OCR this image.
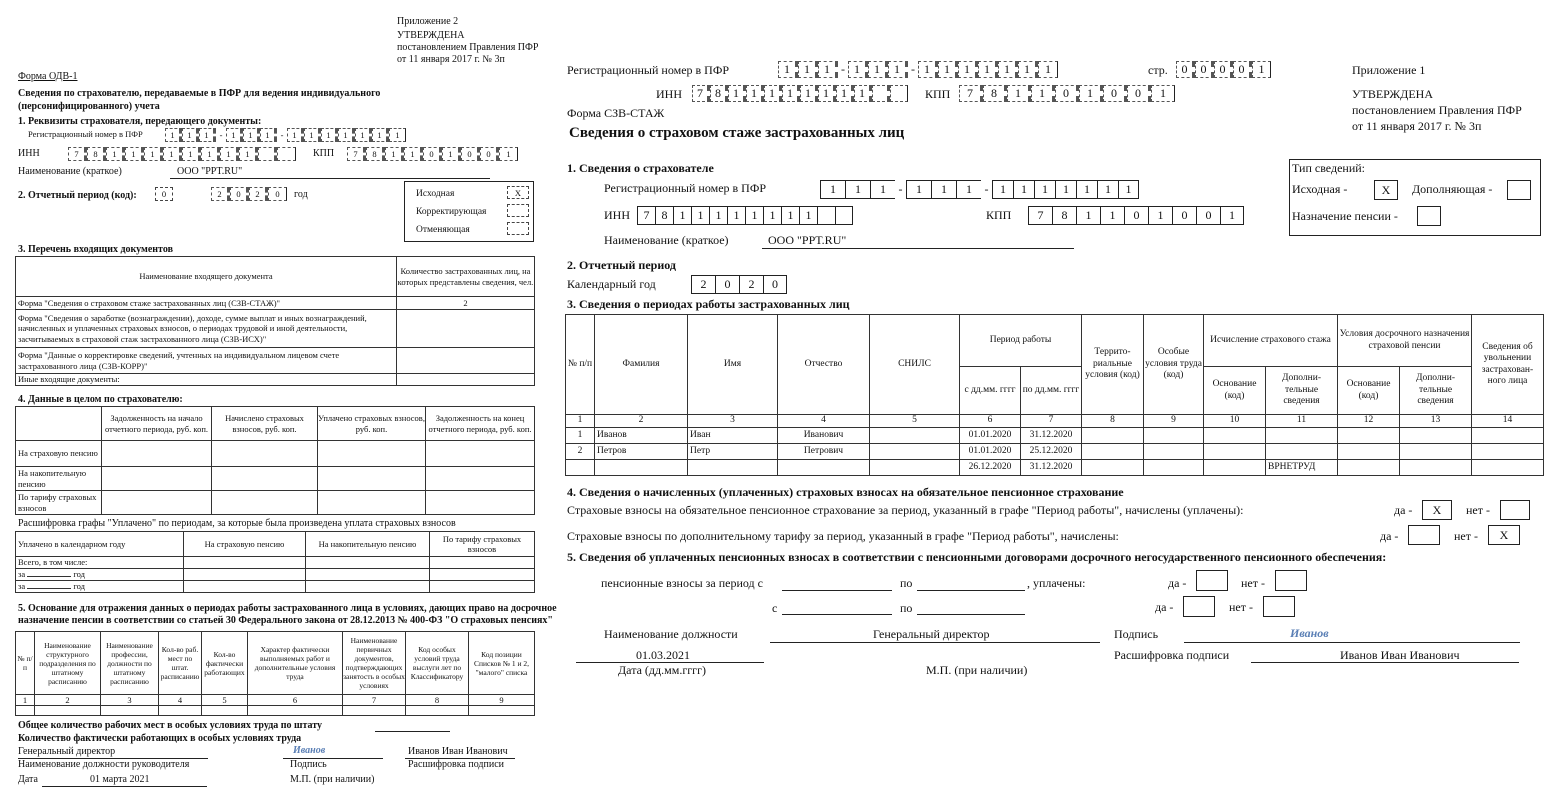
Приложение 2
УТВЕРЖДЕНА
постановлением Правления ПФР
от 11 января 2017 г. № 3п
Форма ОДВ-1
Сведения по страхователю, передаваемые в ПФР для ведения индивидуального
(персонифицированного) учета
1. Реквизиты страхователя, передающего документы:
Регистрационный номер в ПФР	1	1	1	-	1	1	1	-	1	1	1	1	1	1	1
ИНН	7	8	1	1	1	1	1	1	1	1	КПП	7	8	1	1	0	1	0	0	1
Наименование (краткое)	ООО "PPT.RU"
2. Отчетный период (код):	0	2	0	2	0	год	Исходная	X
Корректирующая
Отменяющая
3. Перечень входящих документов
Наименование входящего документа	Количество застрахованных лиц, на которых представлены сведения, чел.
Форма "Сведения о страховом стаже застрахованных лиц (СЗВ-СТАЖ)"	2
Форма "Сведения о заработке (вознаграждении), доходе, сумме выплат и иных вознаграждений, начисленных и уплаченных страховых взносов, о периодах трудовой и иной деятельности, засчитываемых в страховой стаж застрахованного лица (СЗВ-ИСХ)"	
Форма "Данные о корректировке сведений, учтенных на индивидуальном лицевом счете застрахованного лица (СЗВ-КОРР)"	
Иные входящие документы:	
4. Данные в целом по страхователю:
	Задолженность на начало отчетного периода, руб. коп.	Начислено страховых взносов, руб. коп.	Уплачено страховых взносов, руб. коп.	Задолженность на конец отчетного периода, руб. коп.
На страховую пенсию				
На накопительную пенсию				
По тарифу страховых взносов				
Расшифровка графы "Уплачено" по периодам, за которые была произведена уплата страховых взносов
Уплачено в календарном году	На страховую пенсию	На накопительную пенсию	По тарифу страховых взносов
Всего, в том числе:			
за год			
за год			
5. Основание для отражения данных о периодах работы застрахованного лица в условиях, дающих право на досрочное
назначение пенсии в соответствии со статьей 30 Федерального закона от 28.12.2013 № 400-ФЗ "О страховых пенсиях"
№ п/п	Наименование структурного подразделения по штатному расписанию	Наименование профессии, должности по штатному расписанию	Кол-во раб. мест по штат. расписанию	Кол-во фактически работающих	Характер фактически выполняемых работ и дополнительные условия труда	Наименование первичных документов, подтверждающих занятость в особых условиях	Код особых условий труда выслуги лет по Классификатору	Код позиции Списков № 1 и 2, "малого" списка
1	2	3	4	5	6	7	8	9

Общее количество рабочих мест в особых условиях труда по штату
Количество фактически работающих в особых условиях труда
Генеральный директор	Иванов	Иванов Иван Иванович
Наименование должности руководителя	Подпись	Расшифровка подписи
Дата	01 марта 2021	М.П. (при наличии)
Регистрационный номер в ПФР	1	1	1 - 1	1	1 - 1	1	1	1	1	1	1	стр.	0	0	0	0	1
ИНН	7	8	1	1	1	1	1	1	1	1	КПП	7	8	1	1	0	1	0	0	1
Приложение 1
УТВЕРЖДЕНА
постановлением Правления ПФР
от 11 января 2017 г. № 3п
Форма СЗВ-СТАЖ
Сведения о страховом стаже застрахованных лиц
1. Сведения о страхователе
Регистрационный номер в ПФР	1	1	1	-	1	1	1	- 1	1	1	1	1	1	1
ИНН	7	8	1	1	1	1	1	1	1	1	КПП	7	8	1	1	0	1	0	0	1
Наименование (краткое)	ООО "PPT.RU"
Тип сведений:
Исходная -	X	Дополняющая -
Назначение пенсии -
2. Отчетный период
Календарный год	2	0	2	0
3. Сведения о периодах работы застрахованных лиц
№ п/п	Фамилия	Имя	Отчество	СНИЛС	Период работы		Террито- риальные условия (код)	Особые условия труда (код)	Исчисление страхового стажа		Условия досрочного назначения страховой пенсии		Сведения об увольнении застрахован- ного лица
					с дд.мм. гггг	по дд.мм. гггг			Основание (код)	Дополни- тельные сведения	Основание (код)	Дополни- тельные сведения	
1	2	3	4	5	6	7	8	9	10	11	12	13	14
1	Иванов	Иван	Иванович		01.01.2020	31.12.2020							
2	Петров	Петр	Петрович		01.01.2020	25.12.2020							
					26.12.2020	31.12.2020				ВРНЕТРУД			
4. Сведения о начисленных (уплаченных) страховых взносах на обязательное пенсионное страхование
Страховые взносы на обязательное пенсионное страхование за период, указанный в графе "Период работы", начислены (уплачены):	да -	X	нет -
Страховые взносы по дополнительному тарифу за период, указанный в графе "Период работы", начислены:	да -	нет -	X
5. Сведения об уплаченных пенсионных взносах в соответствии с пенсионными договорами досрочного негосударственного пенсионного обеспечения:
пенсионные взносы за период с	по	, уплачены:	да -	нет -
с	по	да -	нет -
Наименование должности	Генеральный директор	Подпись	Иванов
01.03.2021	Расшифровка подписи	Иванов Иван Иванович
Дата (дд.мм.гггг)	М.П. (при наличии)
